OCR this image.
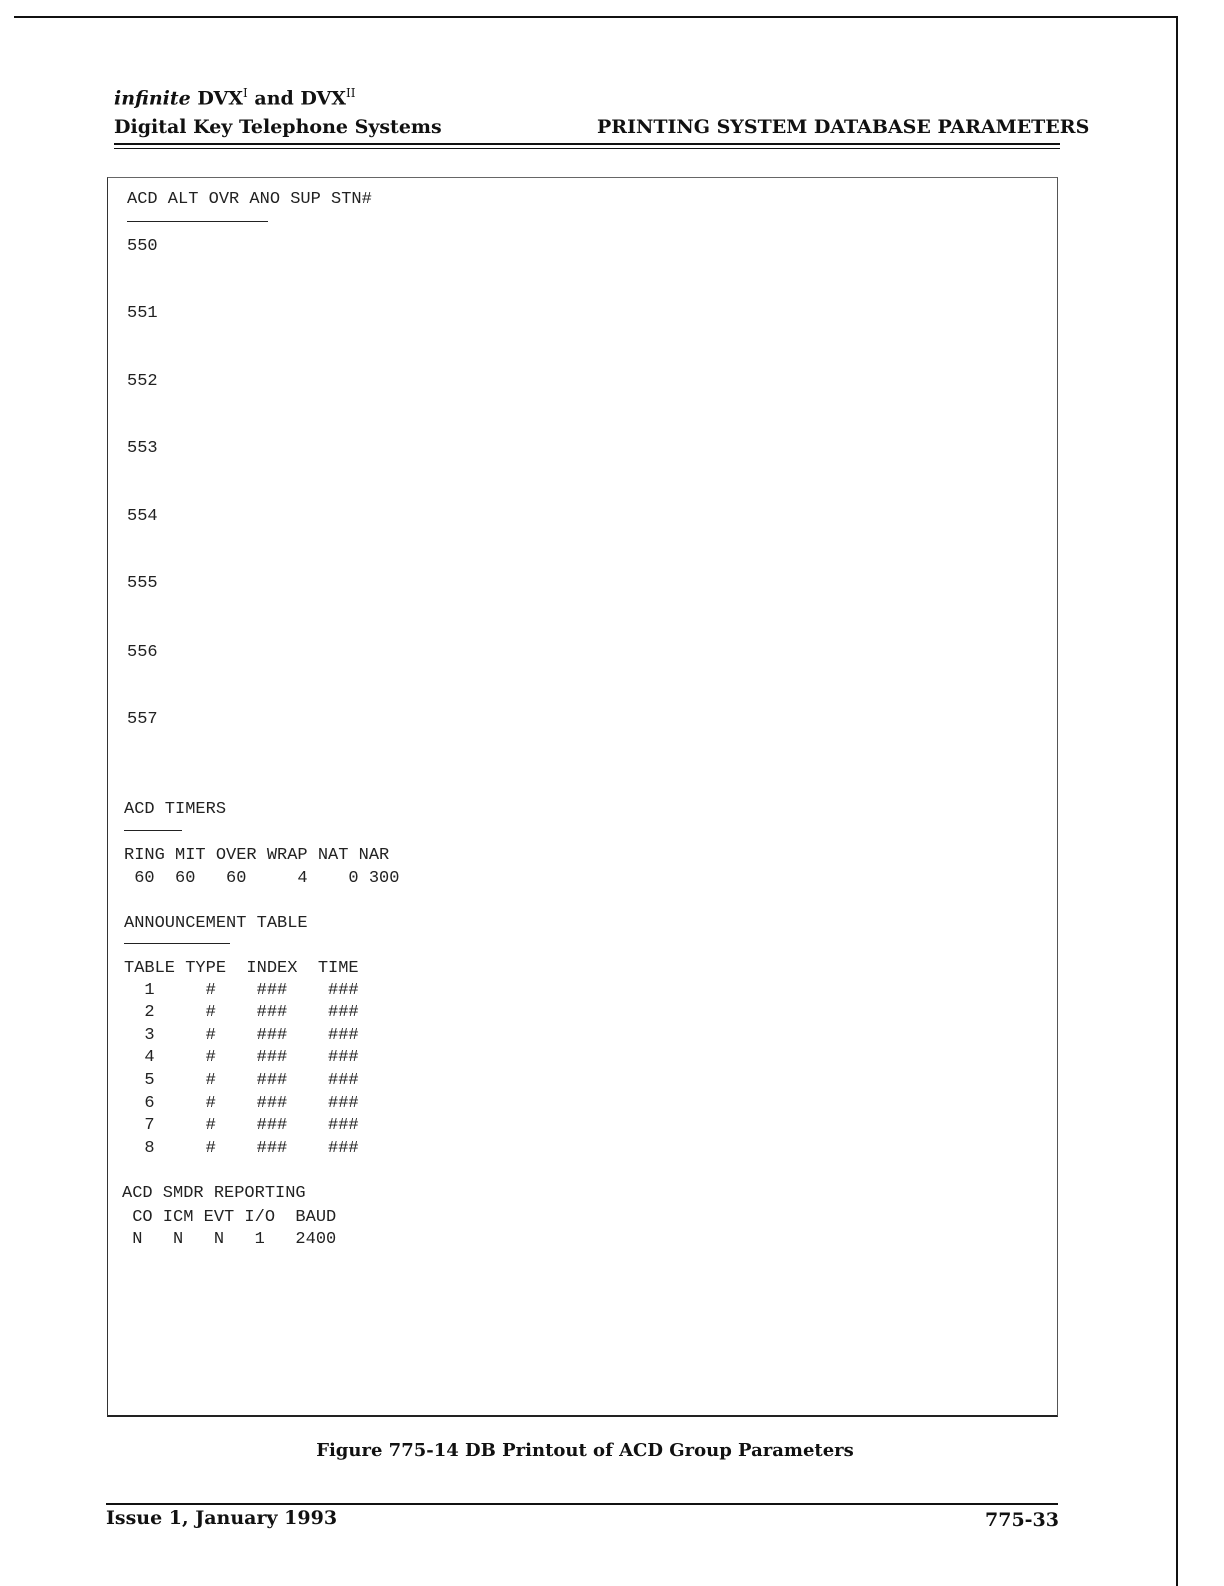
infinite $DVX^I$ and $DVX^{II}$
Digital Key Telephone Systems	PRINTING SYSTEM DATABASE PARAMETERS
ACD ALT OVR ANO SUP STN#
550
551
552
553
554
555
556
557
ACD TIMERS
RING MIT OVER WRAP NAT NAR
60  60   60     4    0 300
ANNOUNCEMENT TABLE
TABLE TYPE  INDEX  TIME
1     #    ###    ###
2     #    ###    ###
3     #    ###    ###
4     #    ###    ###
5     #    ###    ###
6     #    ###    ###
7     #    ###    ###
8     #    ###    ###
ACD SMDR REPORTING
CO ICM EVT I/O  BAUD
N   N   N   1   2400
Figure 775-14 DB Printout of ACD Group Parameters
Issue 1, January 1993	775-33
